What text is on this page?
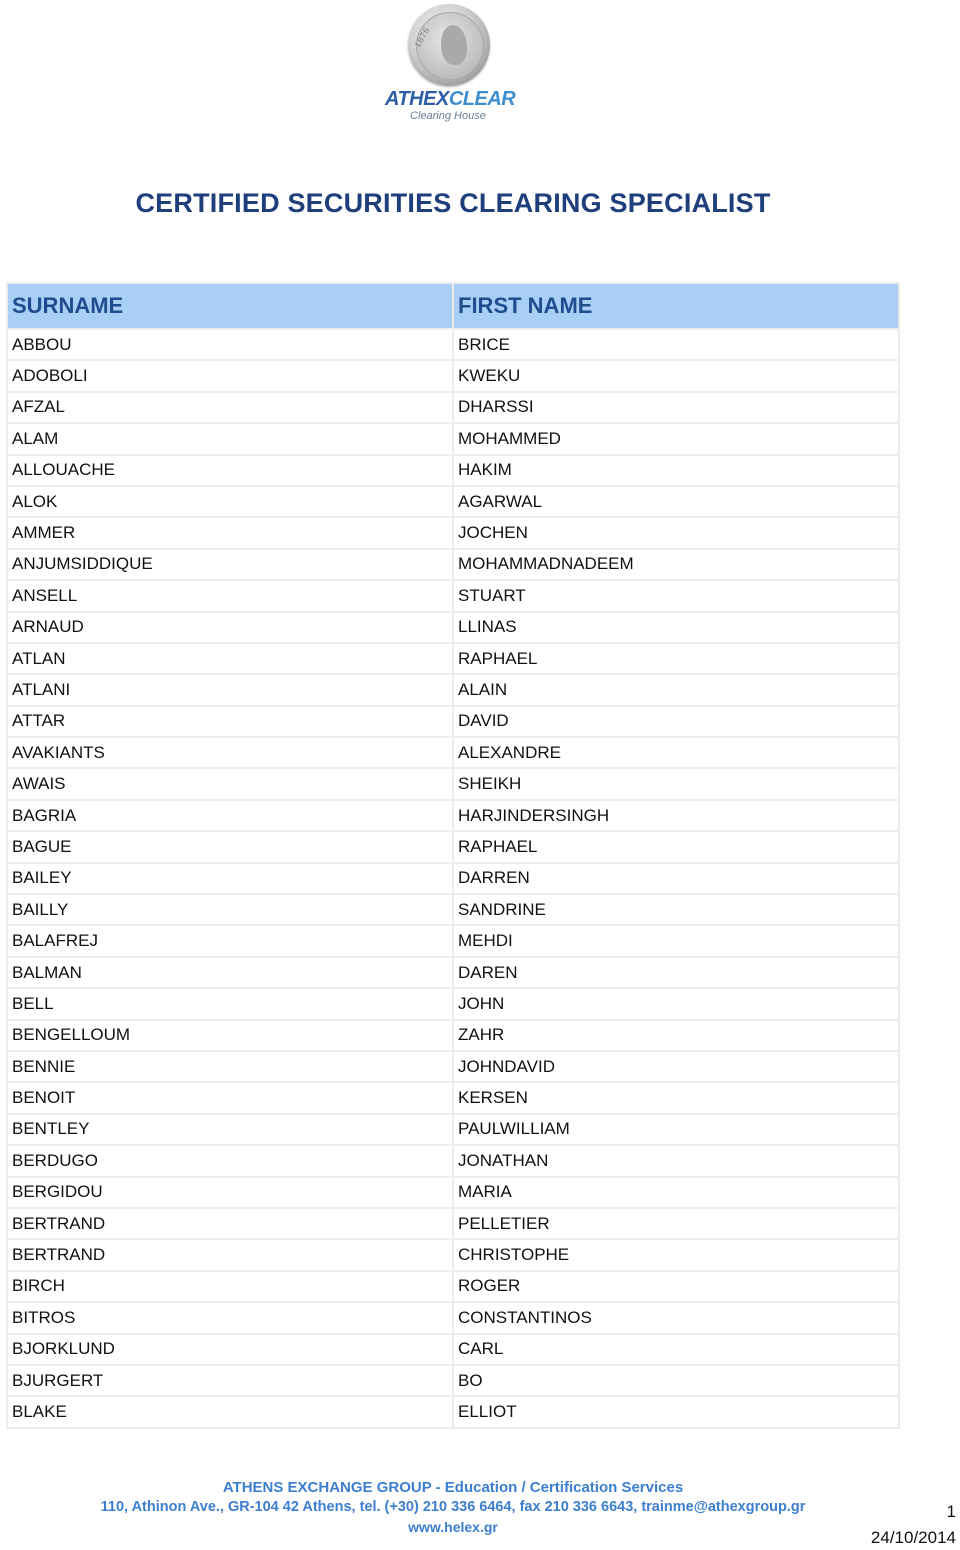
1876
ATHEXCLEAR
Clearing House
CERTIFIED SECURITIES CLEARING SPECIALIST
SURNAME	FIRST NAME
ABBOU	BRICE
ADOBOLI	KWEKU
AFZAL	DHARSSI
ALAM	MOHAMMED
ALLOUACHE	HAKIM
ALOK	AGARWAL
AMMER	JOCHEN
ANJUMSIDDIQUE	MOHAMMADNADEEM
ANSELL	STUART
ARNAUD	LLINAS
ATLAN	RAPHAEL
ATLANI	ALAIN
ATTAR	DAVID
AVAKIANTS	ALEXANDRE
AWAIS	SHEIKH
BAGRIA	HARJINDERSINGH
BAGUE	RAPHAEL
BAILEY	DARREN
BAILLY	SANDRINE
BALAFREJ	MEHDI
BALMAN	DAREN
BELL	JOHN
BENGELLOUM	ZAHR
BENNIE	JOHNDAVID
BENOIT	KERSEN
BENTLEY	PAULWILLIAM
BERDUGO	JONATHAN
BERGIDOU	MARIA
BERTRAND	PELLETIER
BERTRAND	CHRISTOPHE
BIRCH	ROGER
BITROS	CONSTANTINOS
BJORKLUND	CARL
BJURGERT	BO
BLAKE	ELLIOT
ATHENS EXCHANGE GROUP - Education / Certification Services
110, Athinon Ave., GR-104 42 Athens, tel. (+30) 210 336 6464, fax 210 336 6643, trainme@athexgroup.gr
www.helex.gr
1
24/10/2014
